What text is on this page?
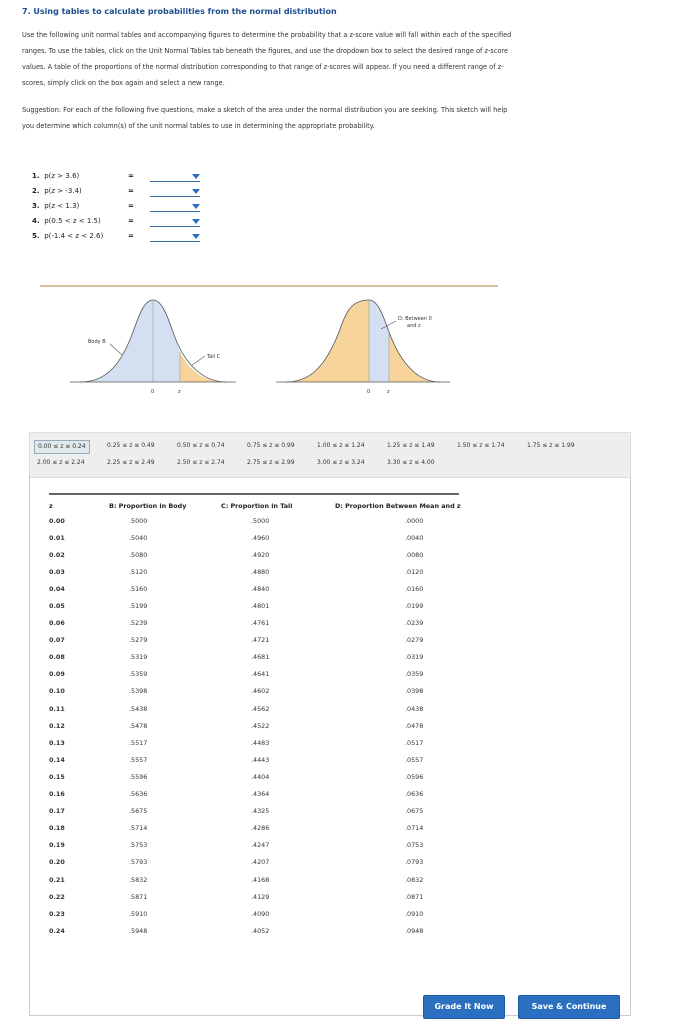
7. Using tables to calculate probabilities from the normal distribution
Use the following unit normal tables and accompanying figures to determine the probability that a z-score value will fall within each of the specified
ranges. To use the tables, click on the Unit Normal Tables tab beneath the figures, and use the dropdown box to select the desired range of z-score
values. A table of the proportions of the normal distribution corresponding to that range of z-scores will appear. If you need a different range of z-
scores, simply click on the box again and select a new range.
Suggestion: For each of the following five questions, make a sketch of the area under the normal distribution you are seeking. This sketch will help
you determine which column(s) of the unit normal tables to use in determining the appropriate probability.
1. p(z > 3.6)	=
2. p(z > -3.4)	=
3. p(z < 1.3)	=
4. p(0.5 < z < 1.5)	=
5. p(-1.4 < z < 2.6)	=
Body B
Tail C
0	z
D: Between 0
and z
0	z
0.00 ≤ z ≤ 0.24	0.25 ≤ z ≤ 0.49	0.50 ≤ z ≤ 0.74	0.75 ≤ z ≤ 0.99	1.00 ≤ z ≤ 1.24	1.25 ≤ z ≤ 1.49	1.50 ≤ z ≤ 1.74	1.75 ≤ z ≤ 1.99
2.00 ≤ z ≤ 2.24	2.25 ≤ z ≤ 2.49	2.50 ≤ z ≤ 2.74	2.75 ≤ z ≤ 2.99	3.00 ≤ z ≤ 3.24	3.30 ≤ z ≤ 4.00
z	B: Proportion in Body	C: Proportion in Tail	D: Proportion Between Mean and z
0.00	.5000	.5000	.0000
0.01	.5040	.4960	.0040
0.02	.5080	.4920	.0080
0.03	.5120	.4880	.0120
0.04	.5160	.4840	.0160
0.05	.5199	.4801	.0199
0.06	.5239	.4761	.0239
0.07	.5279	.4721	.0279
0.08	.5319	.4681	.0319
0.09	.5359	.4641	.0359
0.10	.5398	.4602	.0398
0.11	.5438	.4562	.0438
0.12	.5478	.4522	.0478
0.13	.5517	.4483	.0517
0.14	.5557	.4443	.0557
0.15	.5596	.4404	.0596
0.16	.5636	.4364	.0636
0.17	.5675	.4325	.0675
0.18	.5714	.4286	.0714
0.19	.5753	.4247	.0753
0.20	.5793	.4207	.0793
0.21	.5832	.4168	.0832
0.22	.5871	.4129	.0871
0.23	.5910	.4090	.0910
0.24	.5948	.4052	.0948
Grade It Now	Save & Continue
